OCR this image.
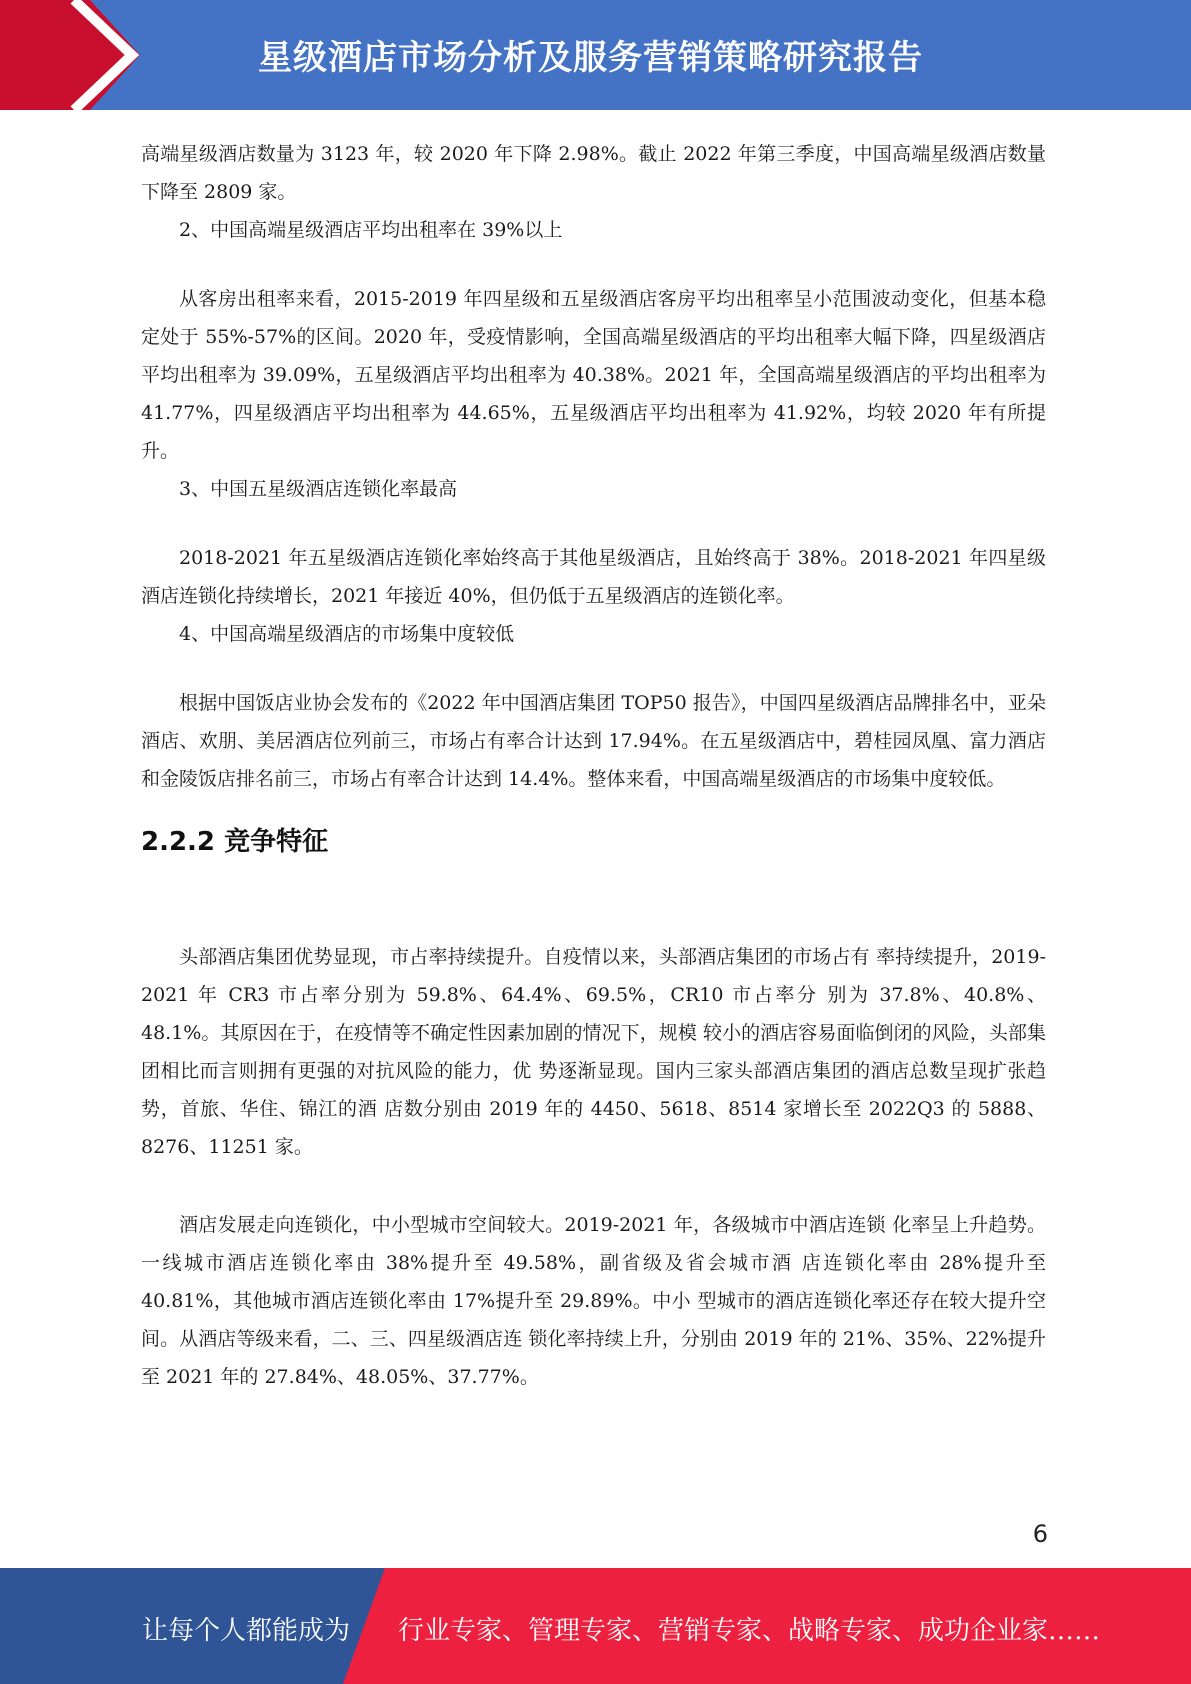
星级酒店市场分析及服务营销策略研究报告

高端星级酒店数量为 3123 年，较 2020 年下降 2.98%。截止 2022 年第三季度，中国高端星级酒店数量下降至 2809 家。

2、中国高端星级酒店平均出租率在 39%以上

从客房出租率来看，2015-2019 年四星级和五星级酒店客房平均出租率呈小范围波动变化，但基本稳定处于 55%-57%的区间。2020 年，受疫情影响，全国高端星级酒店的平均出租率大幅下降，四星级酒店平均出租率为 39.09%，五星级酒店平均出租率为 40.38%。2021 年，全国高端星级酒店的平均出租率为 41.77%，四星级酒店平均出租率为 44.65%，五星级酒店平均出租率为 41.92%，均较 2020 年有所提升。

3、中国五星级酒店连锁化率最高

2018-2021 年五星级酒店连锁化率始终高于其他星级酒店，且始终高于 38%。2018-2021 年四星级酒店连锁化持续增长，2021 年接近 40%，但仍低于五星级酒店的连锁化率。

4、中国高端星级酒店的市场集中度较低

根据中国饭店业协会发布的《2022 年中国酒店集团 TOP50 报告》，中国四星级酒店品牌排名中，亚朵酒店、欢朋、美居酒店位列前三，市场占有率合计达到 17.94%。在五星级酒店中，碧桂园凤凰、富力酒店和金陵饭店排名前三，市场占有率合计达到 14.4%。整体来看，中国高端星级酒店的市场集中度较低。

2.2.2 竞争特征

头部酒店集团优势显现，市占率持续提升。自疫情以来，头部酒店集团的市场占有 率持续提升，2019-2021 年 CR3 市占率分别为 59.8%、64.4%、69.5%，CR10 市占率分 别为 37.8%、40.8%、48.1%。其原因在于，在疫情等不确定性因素加剧的情况下，规模 较小的酒店容易面临倒闭的风险，头部集团相比而言则拥有更强的对抗风险的能力，优 势逐渐显现。国内三家头部酒店集团的酒店总数呈现扩张趋势，首旅、华住、锦江的酒 店数分别由 2019 年的 4450、5618、8514 家增长至 2022Q3 的 5888、8276、11251 家。

酒店发展走向连锁化，中小型城市空间较大。2019-2021 年，各级城市中酒店连锁 化率呈上升趋势。一线城市酒店连锁化率由 38%提升至 49.58%，副省级及省会城市酒 店连锁化率由 28%提升至 40.81%，其他城市酒店连锁化率由 17%提升至 29.89%。中小 型城市的酒店连锁化率还存在较大提升空间。从酒店等级来看，二、三、四星级酒店连 锁化率持续上升，分别由 2019 年的 21%、35%、22%提升至 2021 年的 27.84%、48.05%、37.77%。

6
让每个人都能成为 行业专家、管理专家、营销专家、战略专家、成功企业家……
